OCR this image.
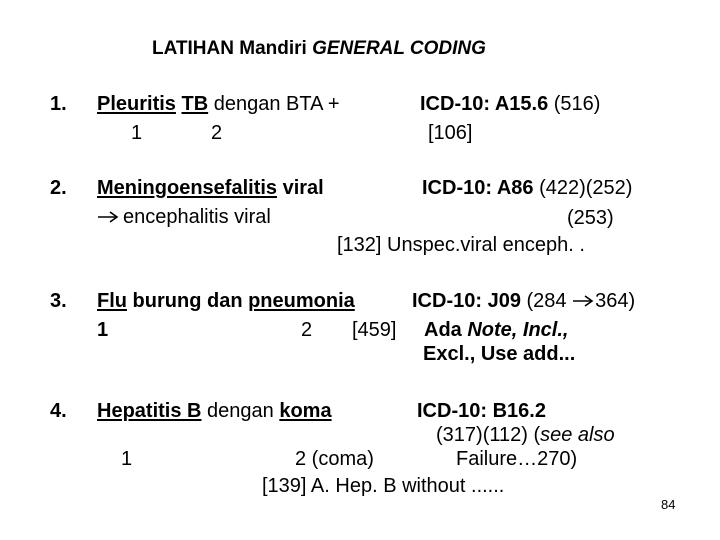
LATIHAN Mandiri GENERAL CODING
1. Pleuritis TB dengan BTA +	ICD-10: A15.6 (516)
1	2	[106]
2. Meningoensefalitis viral	ICD-10: A86 (422)(252)
encephalitis viral	(253)
[132] Unspec.viral enceph. .
3. Flu burung dan pneumonia	ICD-10: J09 (284 364)
1	2 [459] Ada Note, Incl.,
Excl., Use add...
4. Hepatitis B dengan koma	ICD-10: B16.2
(317)(112) (see also
1	2 (coma)	Failure…270)
[139] A. Hep. B without ......
84
